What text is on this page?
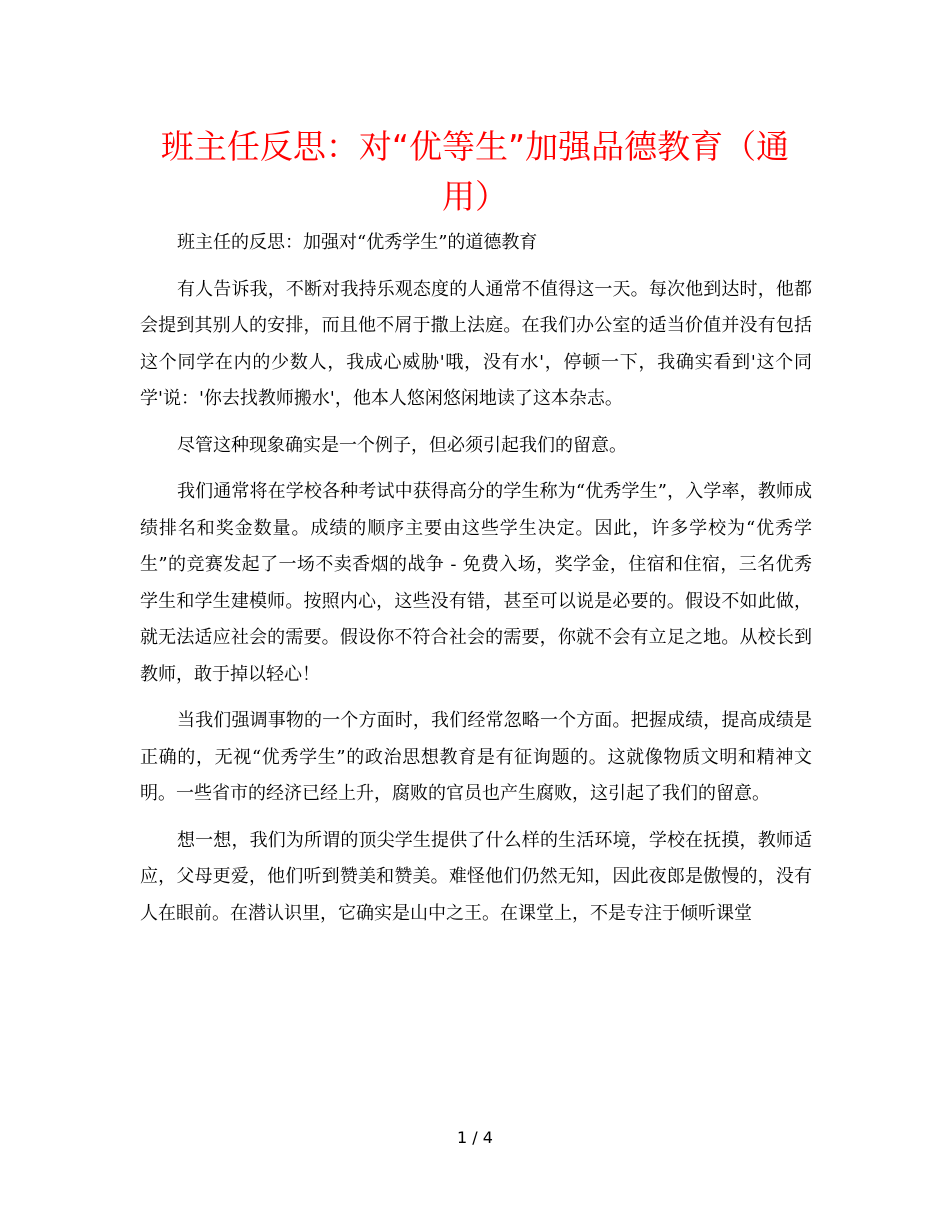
班主任反思：对“优等生”加强品德教育（通用）

班主任的反思：加强对“优秀学生”的道德教育

有人告诉我，不断对我持乐观态度的人通常不值得这一天。每次他到达时，他都会提到其别人的安排，而且他不屑于撒上法庭。在我们办公室的适当价值并没有包括这个同学在内的少数人，我成心威胁'哦，没有水'，停顿一下，我确实看到'这个同学'说：'你去找教师搬水'，他本人悠闲悠闲地读了这本杂志。

尽管这种现象确实是一个例子，但必须引起我们的留意。

我们通常将在学校各种考试中获得高分的学生称为“优秀学生”，入学率，教师成绩排名和奖金数量。成绩的顺序主要由这些学生决定。因此，许多学校为“优秀学生”的竞赛发起了一场不卖香烟的战争 - 免费入场，奖学金，住宿和住宿，三名优秀学生和学生建模师。按照内心，这些没有错，甚至可以说是必要的。假设不如此做，就无法适应社会的需要。假设你不符合社会的需要，你就不会有立足之地。从校长到教师，敢于掉以轻心！

当我们强调事物的一个方面时，我们经常忽略一个方面。把握成绩，提高成绩是正确的，无视“优秀学生”的政治思想教育是有征询题的。这就像物质文明和精神文明。一些省市的经济已经上升，腐败的官员也产生腐败，这引起了我们的留意。

想一想，我们为所谓的顶尖学生提供了什么样的生活环境，学校在抚摸，教师适应，父母更爱，他们听到赞美和赞美。难怪他们仍然无知，因此夜郎是傲慢的，没有人在眼前。在潜认识里，它确实是山中之王。在课堂上，不是专注于倾听课堂

1 / 4
